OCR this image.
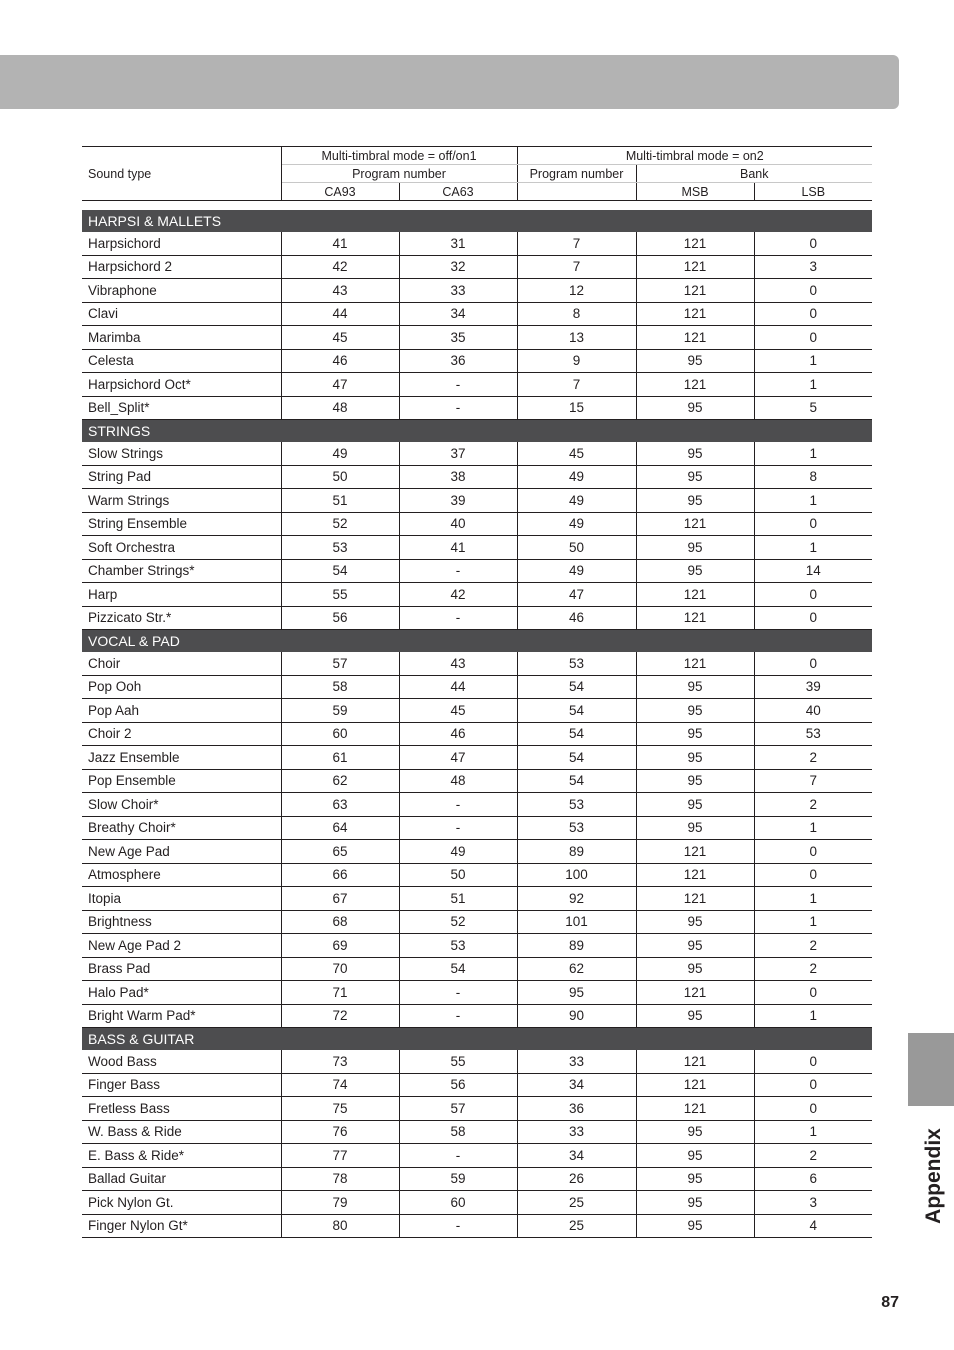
Appendix
Sound type	Multi-timbral mode = off/on1		Multi-timbral mode = on2		
	Program number		Program number	Bank	
	CA93	CA63		MSB	LSB

HARPSI & MALLETS					
Harpsichord	41	31	7	121	0
Harpsichord 2	42	32	7	121	3
Vibraphone	43	33	12	121	0
Clavi	44	34	8	121	0
Marimba	45	35	13	121	0
Celesta	46	36	9	95	1
Harpsichord Oct*	47	-	7	121	1
Bell_Split*	48	-	15	95	5
STRINGS					
Slow Strings	49	37	45	95	1
String Pad	50	38	49	95	8
Warm Strings	51	39	49	95	1
String Ensemble	52	40	49	121	0
Soft Orchestra	53	41	50	95	1
Chamber Strings*	54	-	49	95	14
Harp	55	42	47	121	0
Pizzicato Str.*	56	-	46	121	0
VOCAL & PAD					
Choir	57	43	53	121	0
Pop Ooh	58	44	54	95	39
Pop Aah	59	45	54	95	40
Choir 2	60	46	54	95	53
Jazz Ensemble	61	47	54	95	2
Pop Ensemble	62	48	54	95	7
Slow Choir*	63	-	53	95	2
Breathy Choir*	64	-	53	95	1
New Age Pad	65	49	89	121	0
Atmosphere	66	50	100	121	0
Itopia	67	51	92	121	1
Brightness	68	52	101	95	1
New Age Pad 2	69	53	89	95	2
Brass Pad	70	54	62	95	2
Halo Pad*	71	-	95	121	0
Bright Warm Pad*	72	-	90	95	1
BASS & GUITAR					
Wood Bass	73	55	33	121	0
Finger Bass	74	56	34	121	0
Fretless Bass	75	57	36	121	0
W. Bass & Ride	76	58	33	95	1
E. Bass & Ride*	77	-	34	95	2
Ballad Guitar	78	59	26	95	6
Pick Nylon Gt.	79	60	25	95	3
Finger Nylon Gt*	80	-	25	95	4
87
